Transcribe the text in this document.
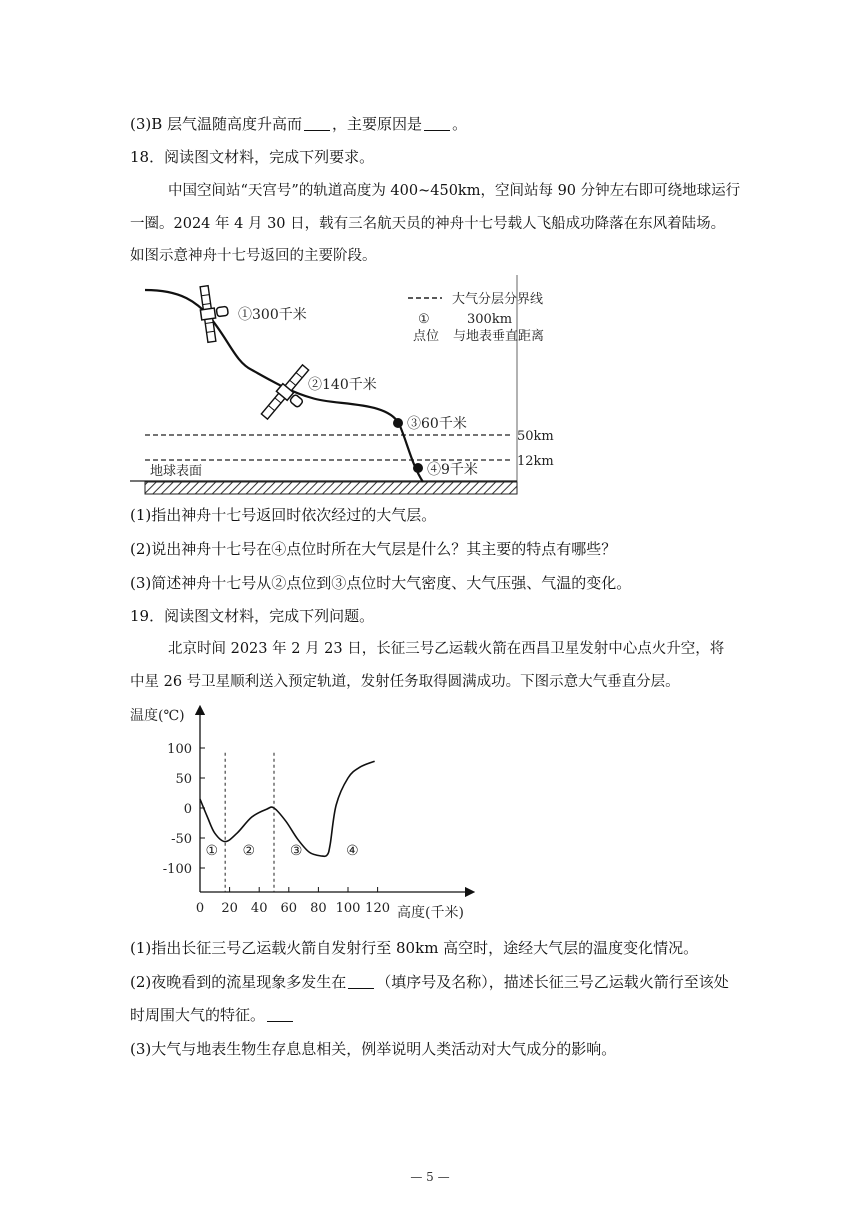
(3)B 层气温随高度升高而 ，主要原因是 。
18．阅读图文材料，完成下列要求。
中国空间站“天宫号”的轨道高度为 400~450km，空间站每 90 分钟左右即可绕地球运行
一圈。2024 年 4 月 30 日，载有三名航天员的神舟十七号载人飞船成功降落在东风着陆场。
如图示意神舟十七号返回的主要阶段。
大气分层分界线
①	300km
点位 与地表垂直距离
50km
12km
地球表面
①300千米
②140千米
③60千米
④9千米
(1)指出神舟十七号返回时依次经过的大气层。
(2)说出神舟十七号在④点位时所在大气层是什么？其主要的特点有哪些？
(3)简述神舟十七号从②点位到③点位时大气密度、大气压强、气温的变化。
19．阅读图文材料，完成下列问题。
北京时间 2023 年 2 月 23 日，长征三号乙运载火箭在西昌卫星发射中心点火升空，将
中星 26 号卫星顺利送入预定轨道，发射任务取得圆满成功。下图示意大气垂直分层。
温度(℃)
高度(千米)
0 20 40 60 80 100 120
100
50
0
-50
-100
① ② ③	④
(1)指出长征三号乙运载火箭自发射行至 80km 高空时，途经大气层的温度变化情况。
(2)夜晚看到的流星现象多发生在 （填序号及名称），描述长征三号乙运载火箭行至该处
时周围大气的特征。
(3)大气与地表生物生存息息相关，例举说明人类活动对大气成分的影响。
— 5 —
